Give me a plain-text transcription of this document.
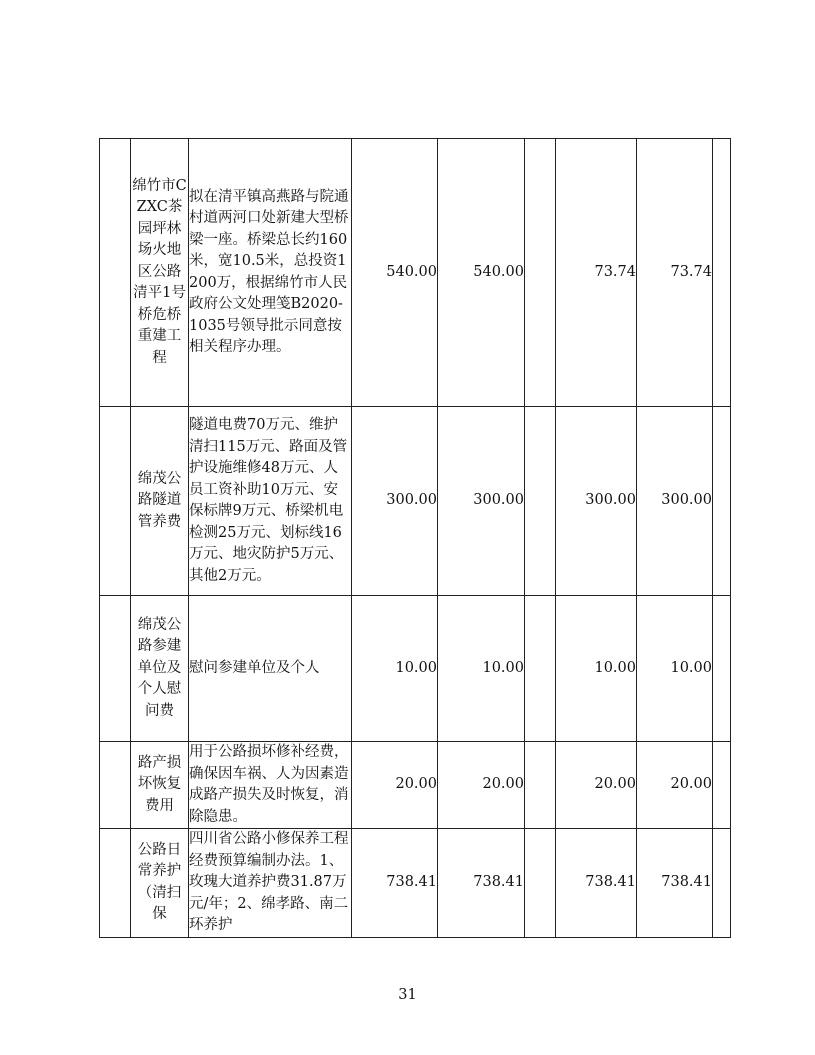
	绵竹市CZXC茶园坪林场火地区公路清平1号桥危桥重建工程	拟在清平镇高燕路与院通村道两河口处新建大型桥梁一座。桥梁总长约160米，宽10.5米，总投资1200万，根据绵竹市人民政府公文处理笺B2020-1035号领导批示同意按相关程序办理。	540.00	540.00		73.74	73.74	
	绵茂公路隧道管养费	隧道电费70万元、维护清扫115万元、路面及管护设施维修48万元、人员工资补助10万元、安保标牌9万元、桥梁机电检测25万元、划标线16万元、地灾防护5万元、其他2万元。	300.00	300.00		300.00	300.00	
	绵茂公路参建单位及个人慰问费	慰问参建单位及个人	10.00	10.00		10.00	10.00	
	路产损坏恢复费用	用于公路损坏修补经费，确保因车祸、人为因素造成路产损失及时恢复，消除隐患。	20.00	20.00		20.00	20.00	
	公路日常养护（清扫保	四川省公路小修保养工程经费预算编制办法。1、玫瑰大道养护费31.87万元/年；2、绵孝路、南二环养护	738.41	738.41		738.41	738.41	
31
